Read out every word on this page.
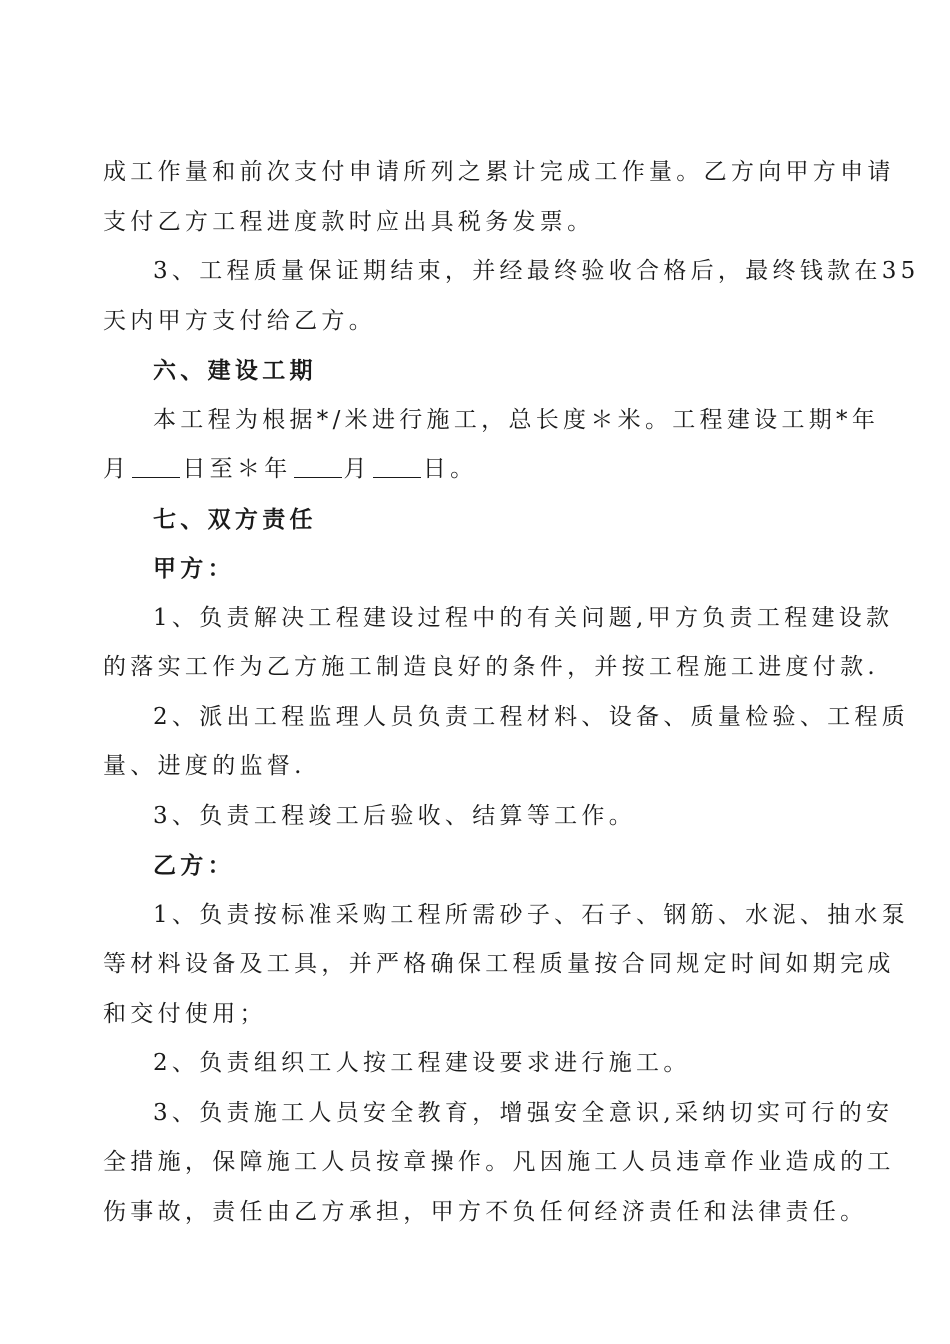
成工作量和前次支付申请所列之累计完成工作量。乙方向甲方申请
支付乙方工程进度款时应出具税务发票。
3、工程质量保证期结束，并经最终验收合格后，最终钱款在35
天内甲方支付给乙方。
六、建设工期
本工程为根据*/米进行施工，总长度＊米。工程建设工期*年
月 日至＊年 月 日。
七、双方责任
甲方：
1、负责解决工程建设过程中的有关问题,甲方负责工程建设款
的落实工作为乙方施工制造良好的条件，并按工程施工进度付款.
2、派出工程监理人员负责工程材料、设备、质量检验、工程质
量、进度的监督.
3、负责工程竣工后验收、结算等工作。
乙方：
1、负责按标准采购工程所需砂子、石子、钢筋、水泥、抽水泵
等材料设备及工具，并严格确保工程质量按合同规定时间如期完成
和交付使用；
2、负责组织工人按工程建设要求进行施工。
3、负责施工人员安全教育，增强安全意识,采纳切实可行的安
全措施，保障施工人员按章操作。凡因施工人员违章作业造成的工
伤事故，责任由乙方承担，甲方不负任何经济责任和法律责任。
